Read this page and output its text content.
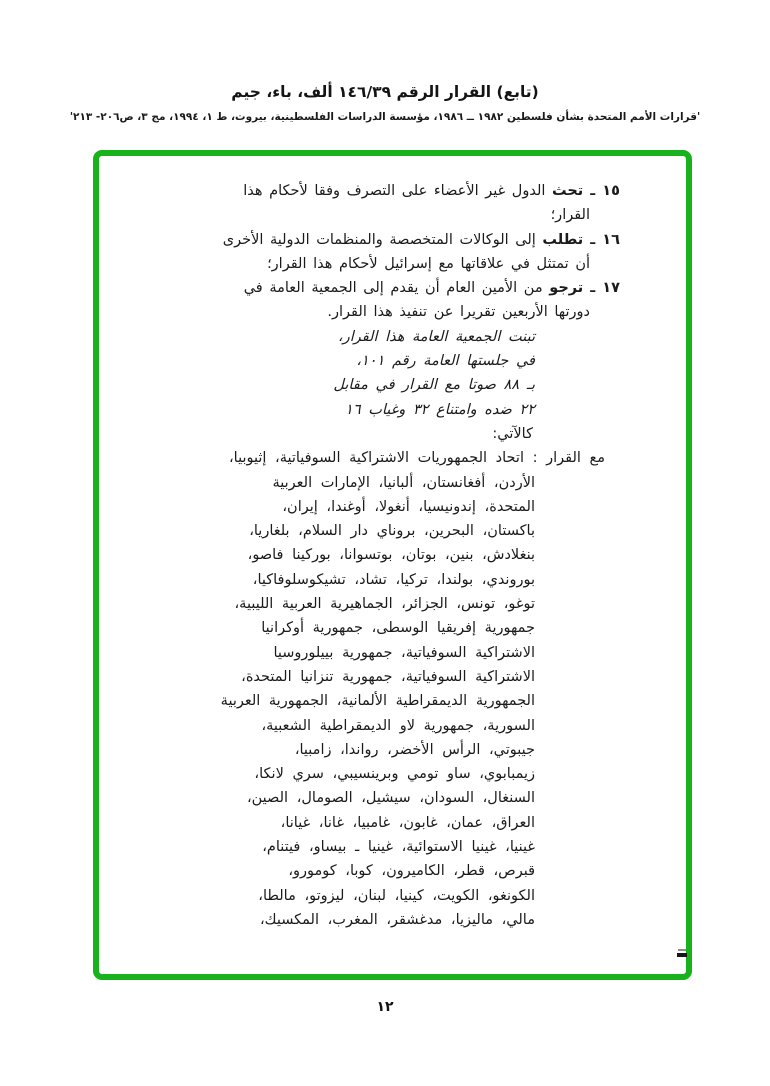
(تابع) القرار الرقم ١٤٦/٣٩ ألف، باء، جيم
'قرارات الأمم المتحدة بشأن فلسطين ١٩٨٢ ــ ١٩٨٦، مؤسسة الدراسات الفلسطينية، بيروت، ط ١، ١٩٩٤، مج ٣، ص٢٠٦- ٢١٣'
١٥ ـ تحث الدول غير الأعضاء على التصرف وفقا لأحكام هذا
القرار؛
١٦ ـ تطلب إلى الوكالات المتخصصة والمنظمات الدولية الأخرى
أن تمتثل في علاقاتها مع إسرائيل لأحكام هذا القرار؛
١٧ ـ ترجو من الأمين العام أن يقدم إلى الجمعية العامة في
دورتها الأربعين تقريرا عن تنفيذ هذا القرار.
تبنت الجمعية العامة هذا القرار،
في جلستها العامة رقم ١٠١،
بـ ٨٨ صوتا مع القرار في مقابل
٢٢ ضده وامتناع ٣٢ وغياب ١٦
كالآتي:
مع القرار : اتحاد الجمهوريات الاشتراكية السوفياتية، إثيوبيا،
الأردن، أفغانستان، ألبانيا، الإمارات العربية
المتحدة، إندونيسيا، أنغولا، أوغندا، إيران،
باكستان، البحرين، بروناي دار السلام، بلغاريا،
بنغلادش، بنين، بوتان، بوتسوانا، بوركينا فاصو،
بوروندي، بولندا، تركيا، تشاد، تشيكوسلوفاكيا،
توغو، تونس، الجزائر، الجماهيرية العربية الليبية،
جمهورية إفريقيا الوسطى، جمهورية أوكرانيا
الاشتراكية السوفياتية، جمهورية بييلوروسيا
الاشتراكية السوفياتية، جمهورية تنزانيا المتحدة،
الجمهورية الديمقراطية الألمانية، الجمهورية العربية
السورية، جمهورية لاو الديمقراطية الشعبية،
جيبوتي، الرأس الأخضر، رواندا، زامبيا،
زيمبابوي، ساو تومي وبرينسيبي، سري لانكا،
السنغال، السودان، سيشيل، الصومال، الصين،
العراق، عمان، غابون، غامبيا، غانا، غيانا،
غينيا، غينيا الاستوائية، غينيا ـ بيساو، فيتنام،
قبرص، قطر، الكاميرون، كوبا، كومورو،
الكونغو، الكويت، كينيا، لبنان، ليزوتو، مالطا،
مالي، ماليزيا، مدغشقر، المغرب، المكسيك،
١٢
